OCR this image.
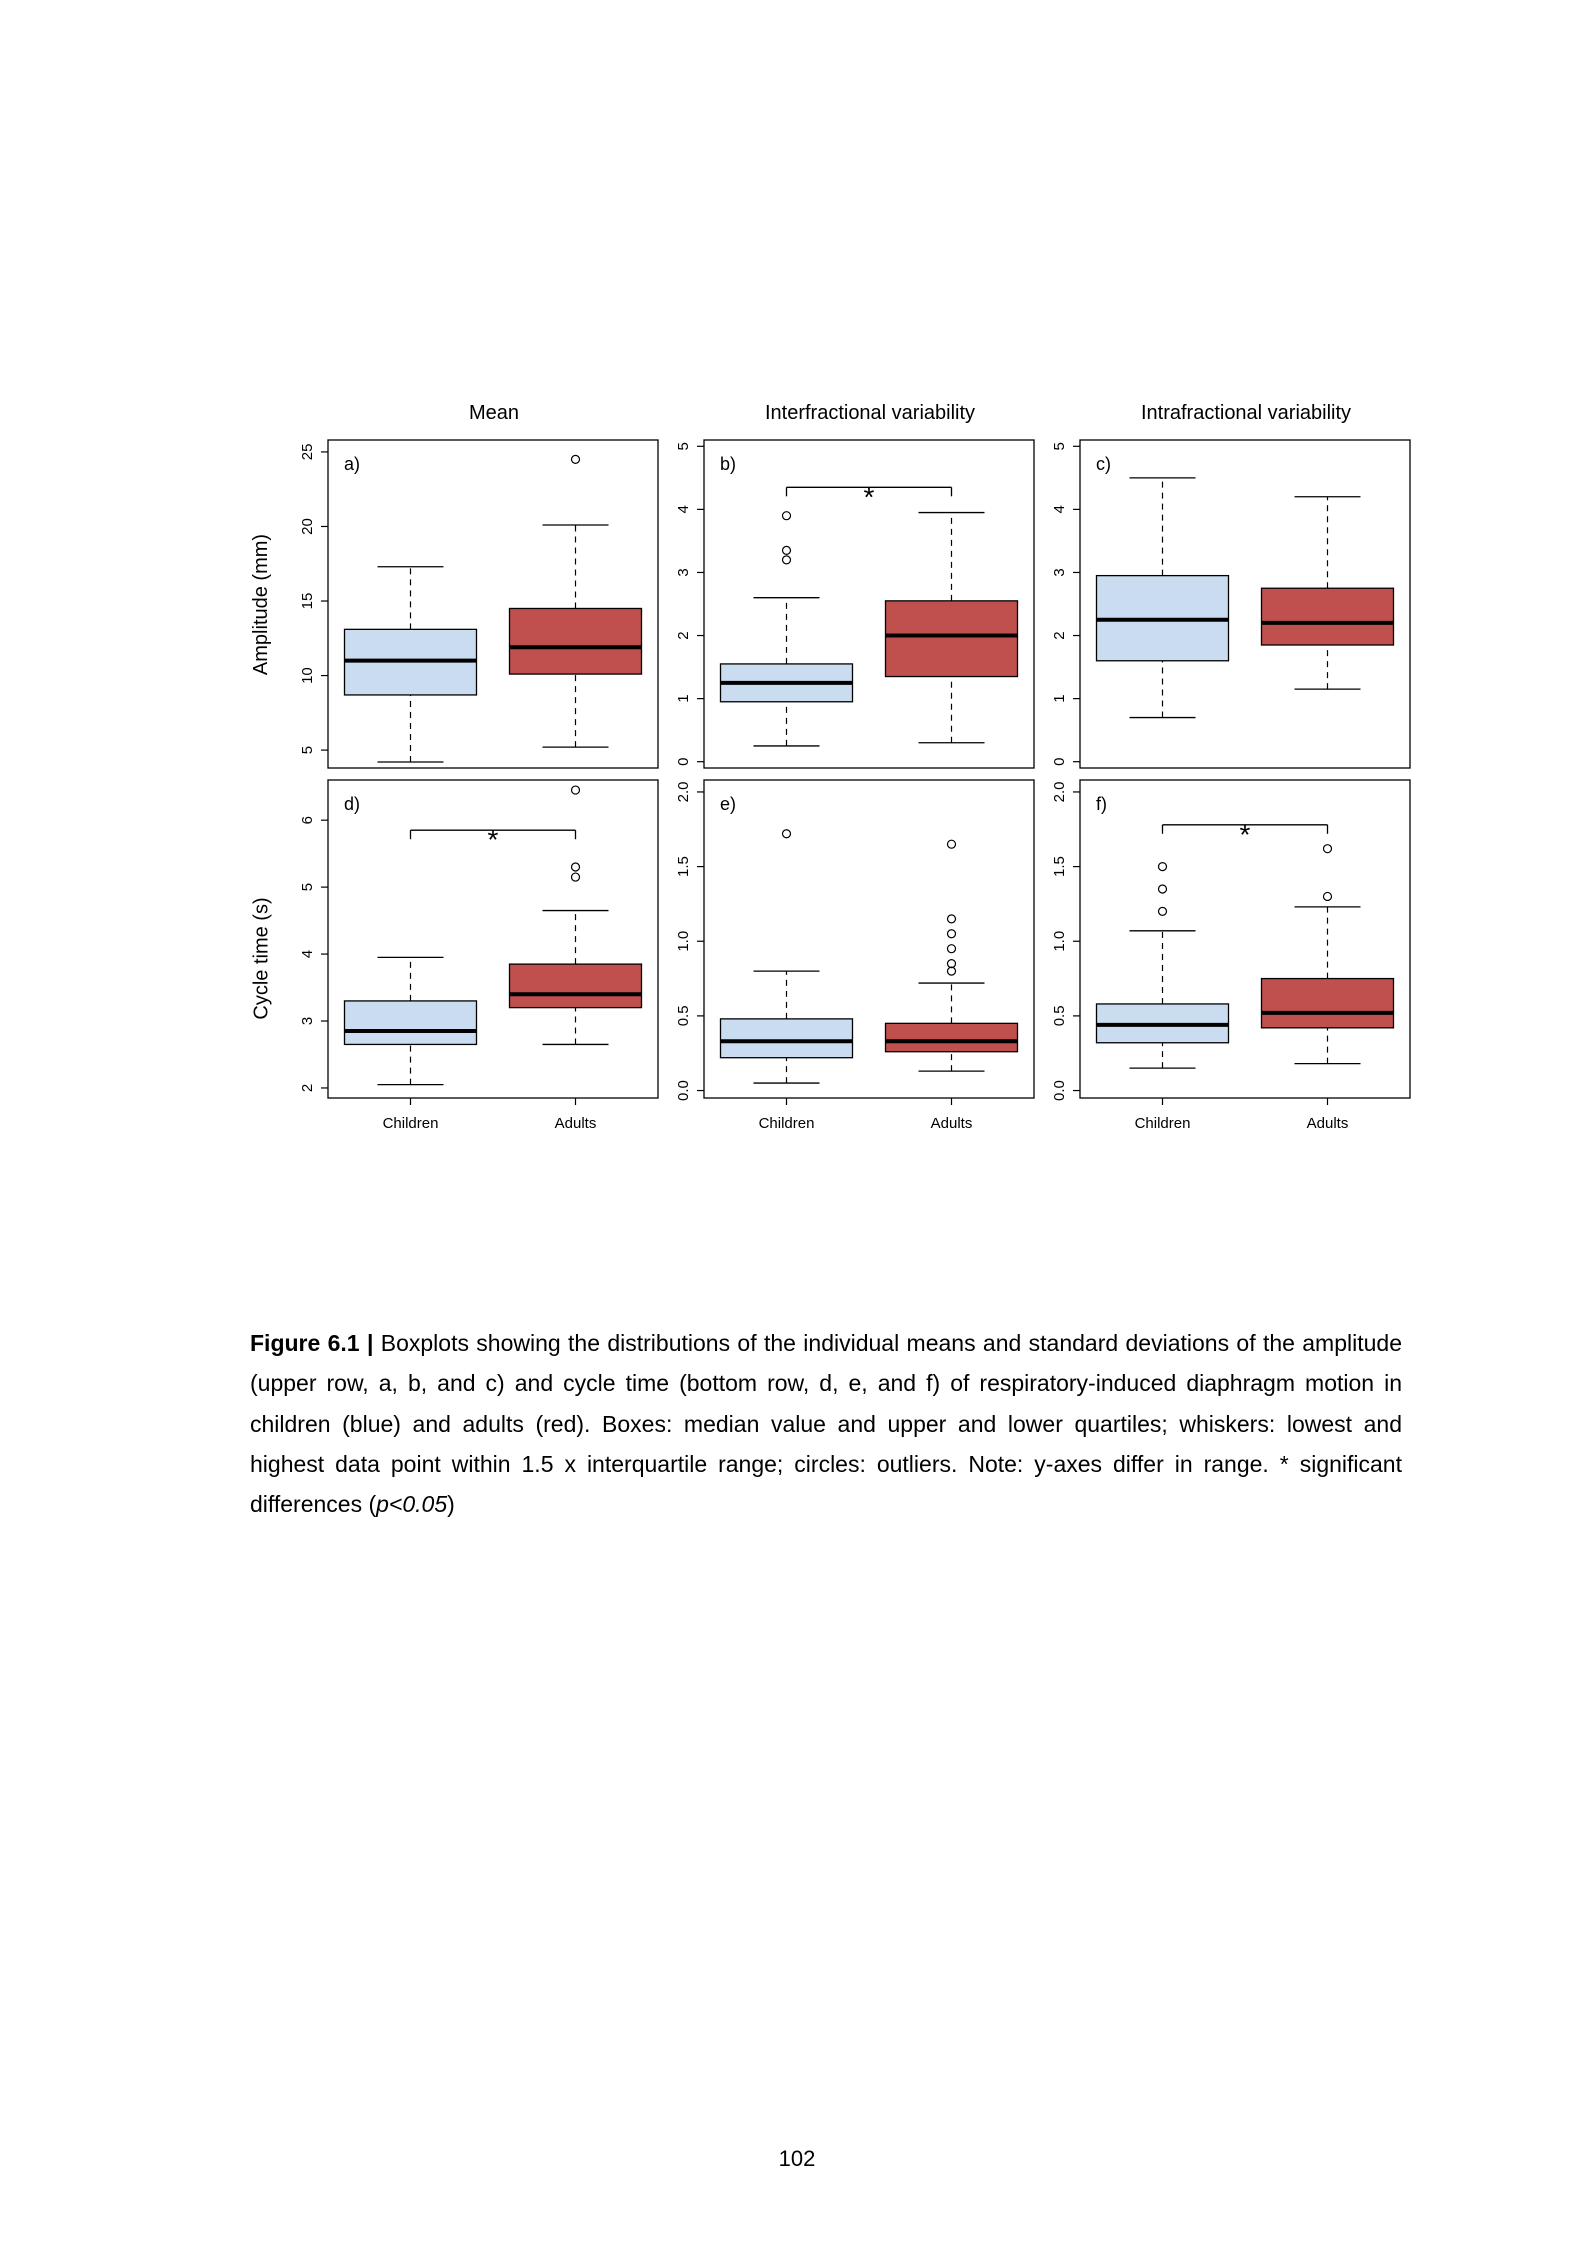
Mean	Interfractional variability	Intrafractional variability
Amplitude (mm)
5
10
15
20
25
a)
0
1
2
3
4
5
b)
*
0
1
2
3
4
5
c)
Cycle time (s)
2
3
4
5
6
Children	Adults
d)
*
0.0
0.5
1.0
1.5
2.0
Children	Adults
e)
0.0
0.5
1.0
1.5
2.0
Children	Adults
f)
*

Figure 6.1 | Boxplots showing the distributions of the individual means and standard deviations of the amplitude (upper row, a, b, and c) and cycle time (bottom row, d, e, and f) of respiratory-induced diaphragm motion in children (blue) and adults (red). Boxes: median value and upper and lower quartiles; whiskers: lowest and highest data point within 1.5 x interquartile range; circles: outliers. Note: y-axes differ in range. * significant differences (p<0.05)

102
